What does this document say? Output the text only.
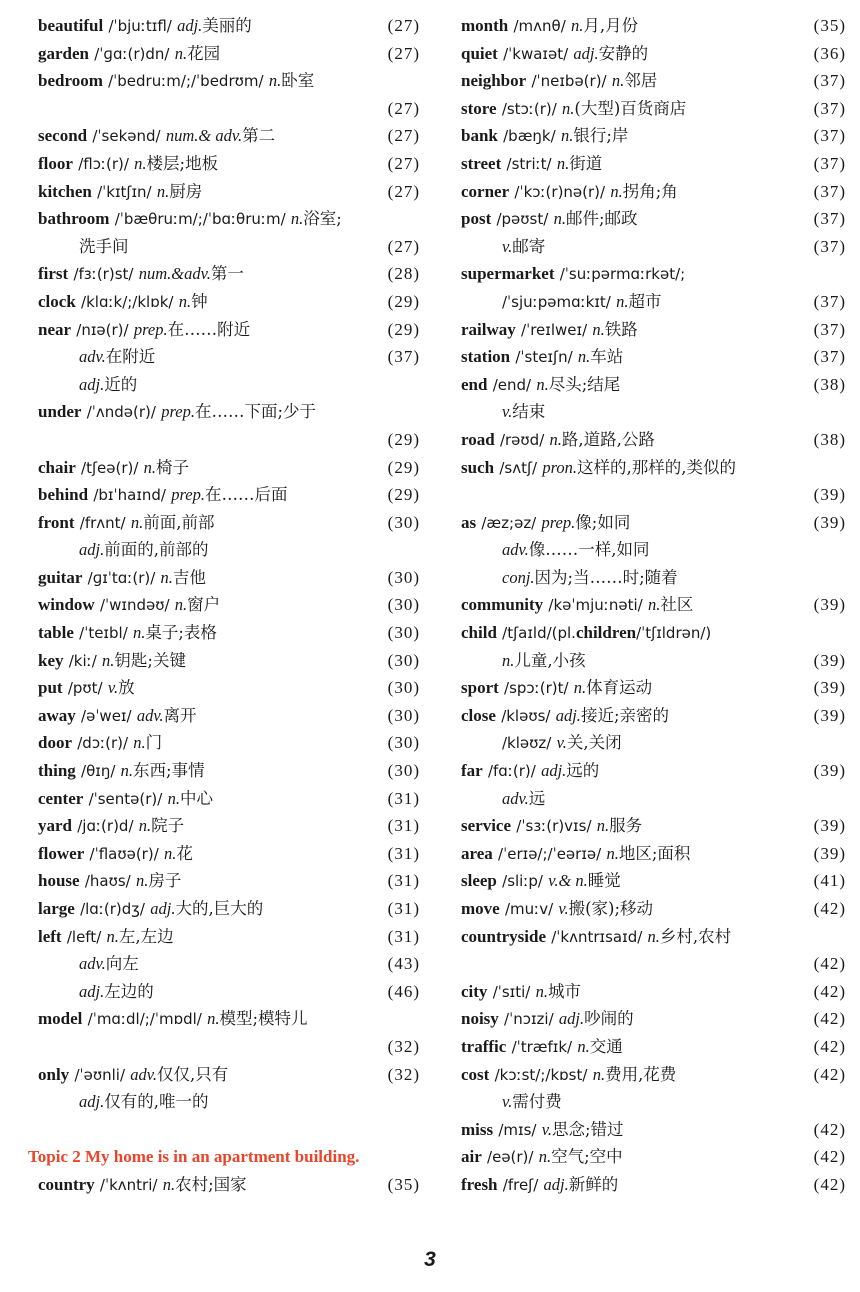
beautiful /ˈbjuːtɪfl/ adj.美丽的	(27)
garden /ˈɡɑː(r)dn/ n.花园	(27)
bedroom /ˈbedruːm/;/ˈbedrʊm/ n.卧室
(27)
second /ˈsekənd/ num.& adv.第二	(27)
floor /flɔː(r)/ n.楼层;地板	(27)
kitchen /ˈkɪtʃɪn/ n.厨房	(27)
bathroom /ˈbæθruːm/;/ˈbɑːθruːm/ n.浴室;
洗手间	(27)
first /fɜː(r)st/ num.&adv.第一	(28)
clock /klɑːk/;/klɒk/ n.钟	(29)
near /nɪə(r)/ prep.在……附近	(29)
adv.在附近	(37)
adj.近的
under /ˈʌndə(r)/ prep.在……下面;少于
(29)
chair /tʃeə(r)/ n.椅子	(29)
behind /bɪˈhaɪnd/ prep.在……后面	(29)
front /frʌnt/ n.前面,前部	(30)
adj.前面的,前部的
guitar /ɡɪˈtɑː(r)/ n.吉他	(30)
window /ˈwɪndəʊ/ n.窗户	(30)
table /ˈteɪbl/ n.桌子;表格	(30)
key /kiː/ n.钥匙;关键	(30)
put /pʊt/ v.放	(30)
away /əˈweɪ/ adv.离开	(30)
door /dɔː(r)/ n.门	(30)
thing /θɪŋ/ n.东西;事情	(30)
center /ˈsentə(r)/ n.中心	(31)
yard /jɑː(r)d/ n.院子	(31)
flower /ˈflaʊə(r)/ n.花	(31)
house /haʊs/ n.房子	(31)
large /lɑː(r)dʒ/ adj.大的,巨大的	(31)
left /left/ n.左,左边	(31)
adv.向左	(43)
adj.左边的	(46)
model /ˈmɑːdl/;/ˈmɒdl/ n.模型;模特儿
(32)
only /ˈəʊnli/ adv.仅仅,只有	(32)
adj.仅有的,唯一的
Topic 2 My home is in an apartment building.
country /ˈkʌntri/ n.农村;国家	(35)
month /mʌnθ/ n.月,月份	(35)
quiet /ˈkwaɪət/ adj.安静的	(36)
neighbor /ˈneɪbə(r)/ n.邻居	(37)
store /stɔː(r)/ n.(大型)百货商店	(37)
bank /bæŋk/ n.银行;岸	(37)
street /striːt/ n.街道	(37)
corner /ˈkɔː(r)nə(r)/ n.拐角;角	(37)
post /pəʊst/ n.邮件;邮政	(37)
v.邮寄	(37)
supermarket /ˈsuːpərmɑːrkət/;
/ˈsjuːpəmɑːkɪt/ n.超市	(37)
railway /ˈreɪlweɪ/ n.铁路	(37)
station /ˈsteɪʃn/ n.车站	(37)
end /end/ n.尽头;结尾	(38)
v.结束
road /rəʊd/ n.路,道路,公路	(38)
such /sʌtʃ/ pron.这样的,那样的,类似的
(39)
as /æz;əz/ prep.像;如同	(39)
adv.像……一样,如同
conj.因为;当……时;随着
community /kəˈmjuːnəti/ n.社区	(39)
child /tʃaɪld/(pl.children/ˈtʃɪldrən/)
n.儿童,小孩	(39)
sport /spɔː(r)t/ n.体育运动	(39)
close /kləʊs/ adj.接近;亲密的	(39)
/kləʊz/ v.关,关闭
far /fɑː(r)/ adj.远的	(39)
adv.远
service /ˈsɜː(r)vɪs/ n.服务	(39)
area /ˈerɪə/;/ˈeərɪə/ n.地区;面积	(39)
sleep /sliːp/ v.& n.睡觉	(41)
move /muːv/ v.搬(家);移动	(42)
countryside /ˈkʌntrɪsaɪd/ n.乡村,农村
(42)
city /ˈsɪti/ n.城市	(42)
noisy /ˈnɔɪzi/ adj.吵闹的	(42)
traffic /ˈtræfɪk/ n.交通	(42)
cost /kɔːst/;/kɒst/ n.费用,花费	(42)
v.需付费
miss /mɪs/ v.思念;错过	(42)
air /eə(r)/ n.空气;空中	(42)
fresh /freʃ/ adj.新鲜的	(42)
3
